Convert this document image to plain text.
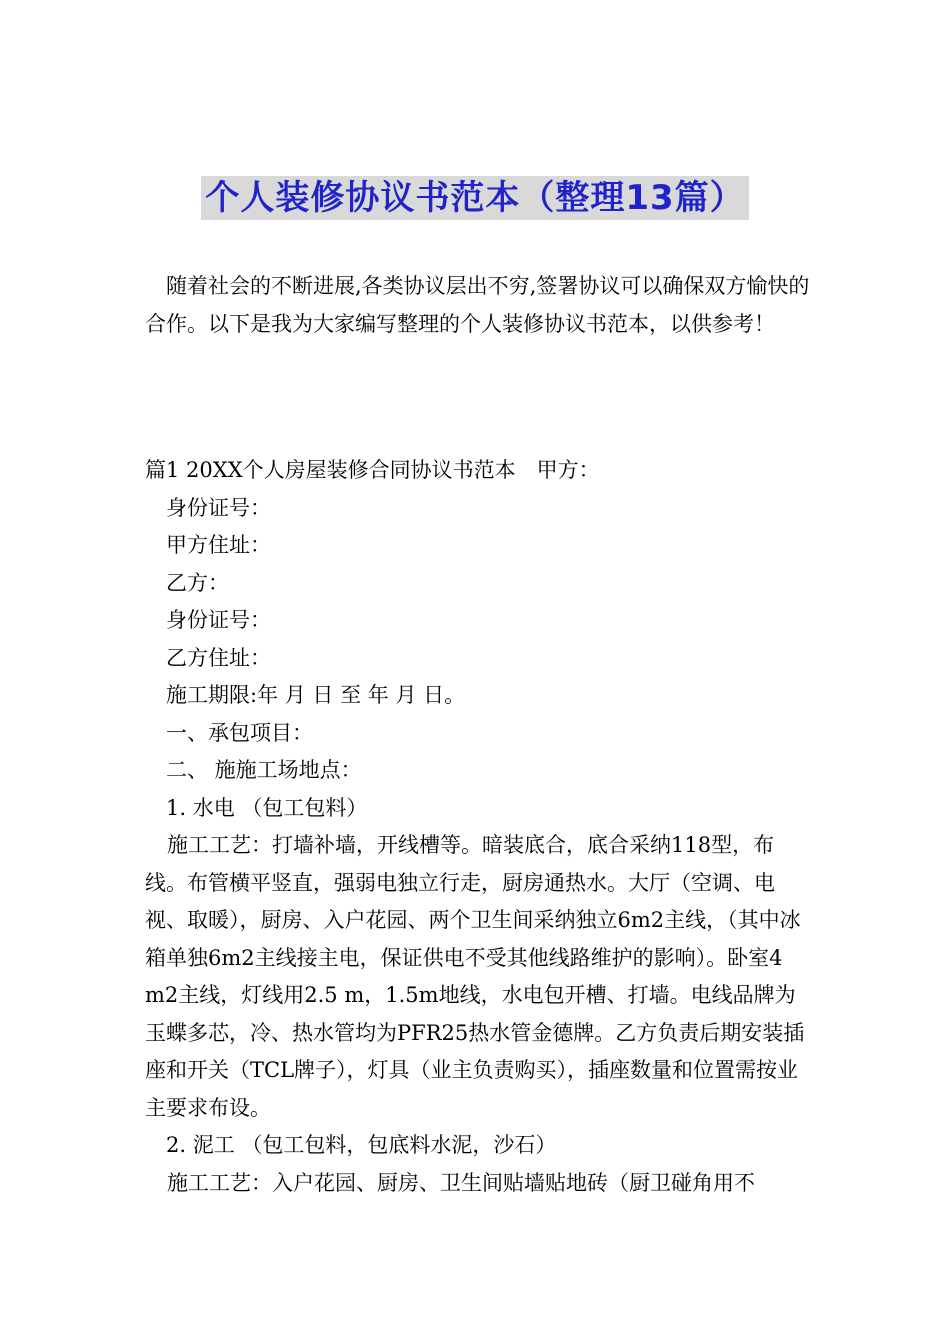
个人装修协议书范本（整理13篇）

随着社会的不断进展,各类协议层出不穷,签署协议可以确保双方愉快的合作。以下是我为大家编写整理的个人装修协议书范本，以供参考！

篇1 20XX个人房屋装修合同协议书范本　甲方：

身份证号：

甲方住址：

乙方：

身份证号：

乙方住址：

施工期限:年 月 日 至 年 月 日。

一、承包项目：

二、 施施工场地点：

1. 水电 （包工包料）

施工工艺：打墙补墙，开线槽等。暗装底合，底合采纳118型，布线。布管横平竖直，强弱电独立行走，厨房通热水。大厅（空调、电视、取暖），厨房、入户花园、两个卫生间采纳独立6m2主线，（其中冰箱单独6m2主线接主电，保证供电不受其他线路维护的影响）。卧室4 m2主线，灯线用2.5 m，1.5m地线，水电包开槽、打墙。电线品牌为玉蝶多芯，冷、热水管均为PFR25热水管金德牌。乙方负责后期安装插座和开关（TCL牌子），灯具（业主负责购买），插座数量和位置需按业主要求布设。

2. 泥工 （包工包料，包底料水泥，沙石）

施工工艺：入户花园、厨房、卫生间贴墙贴地砖（厨卫碰角用不
